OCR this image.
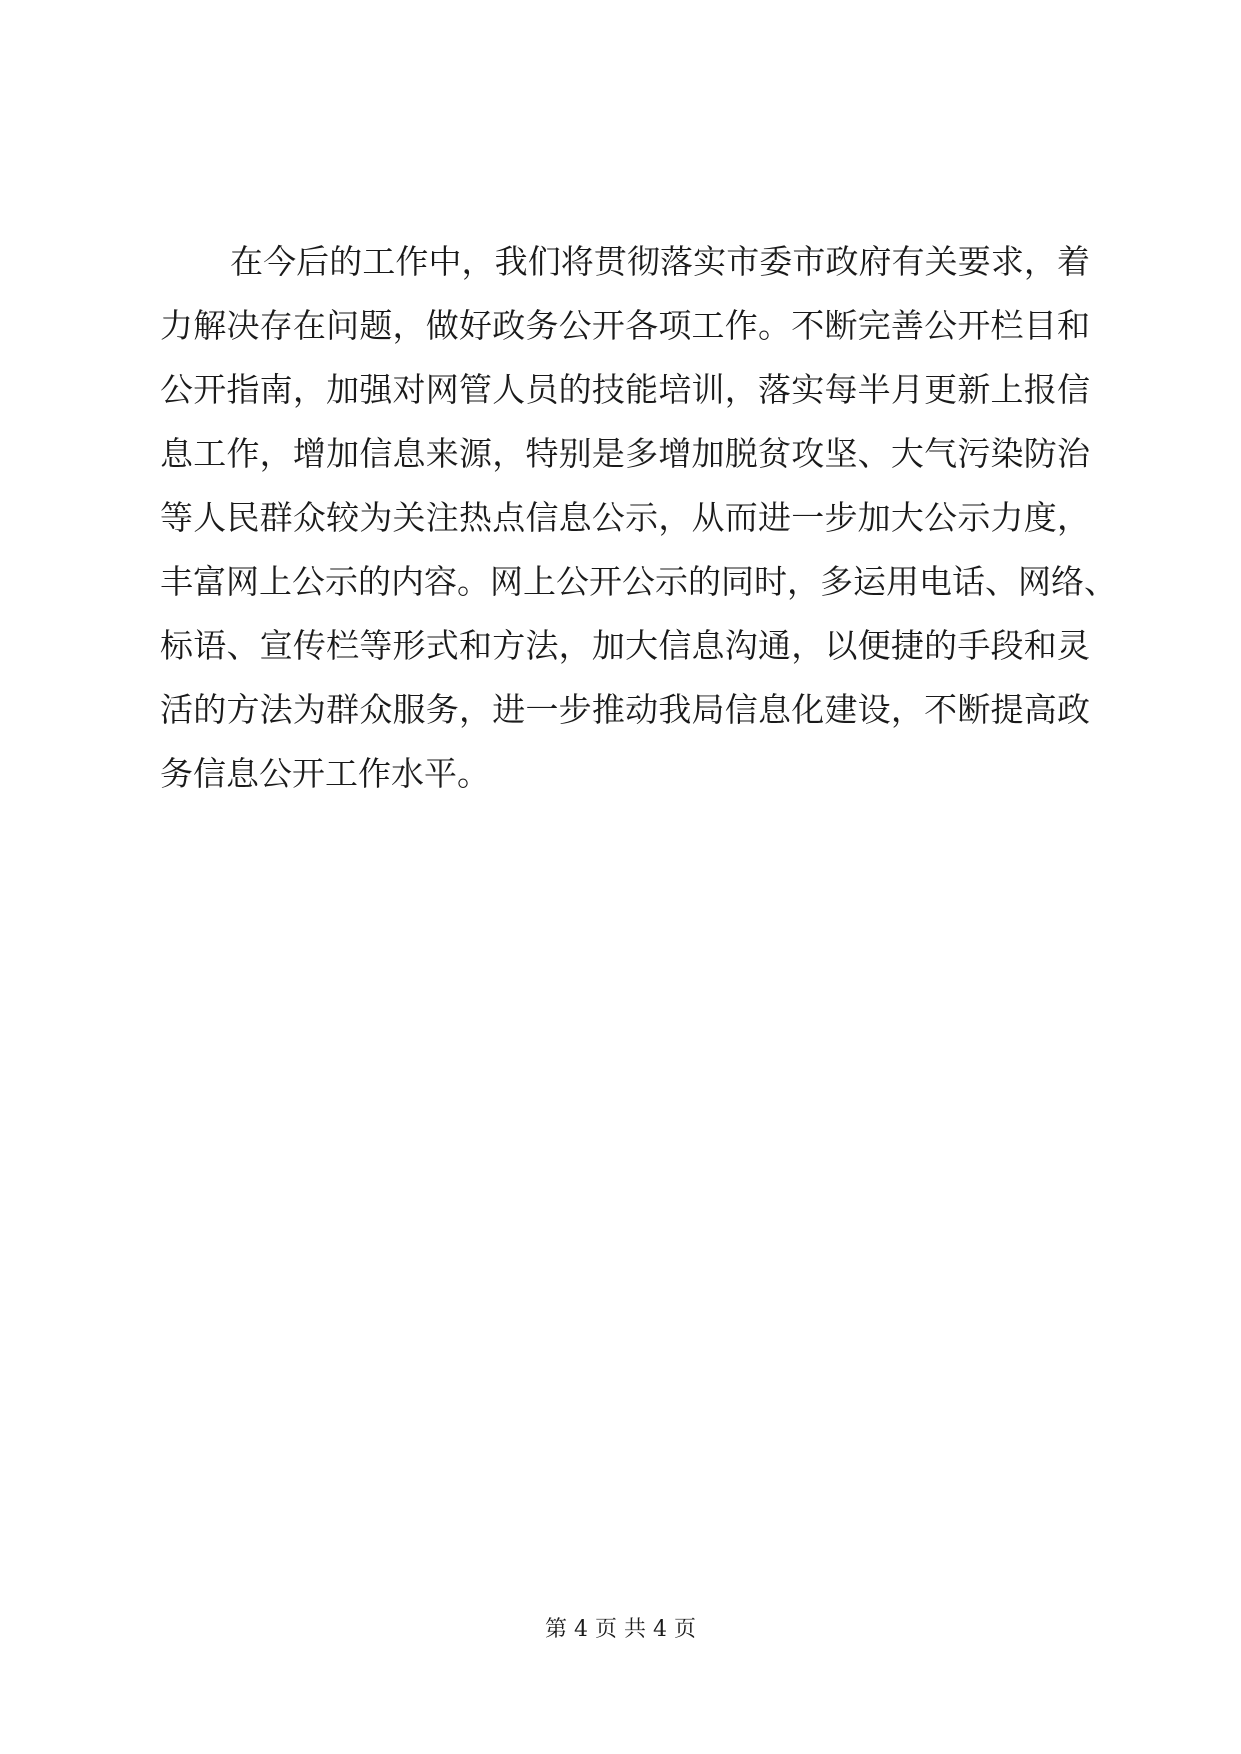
在今后的工作中，我们将贯彻落实市委市政府有关要求，着
力解决存在问题，做好政务公开各项工作。不断完善公开栏目和
公开指南，加强对网管人员的技能培训，落实每半月更新上报信
息工作，增加信息来源，特别是多增加脱贫攻坚、大气污染防治
等人民群众较为关注热点信息公示，从而进一步加大公示力度，
丰富网上公示的内容。网上公开公示的同时，多运用电话、网络、
标语、宣传栏等形式和方法，加大信息沟通，以便捷的手段和灵
活的方法为群众服务，进一步推动我局信息化建设，不断提高政
务信息公开工作水平。
第 4 页 共 4 页
